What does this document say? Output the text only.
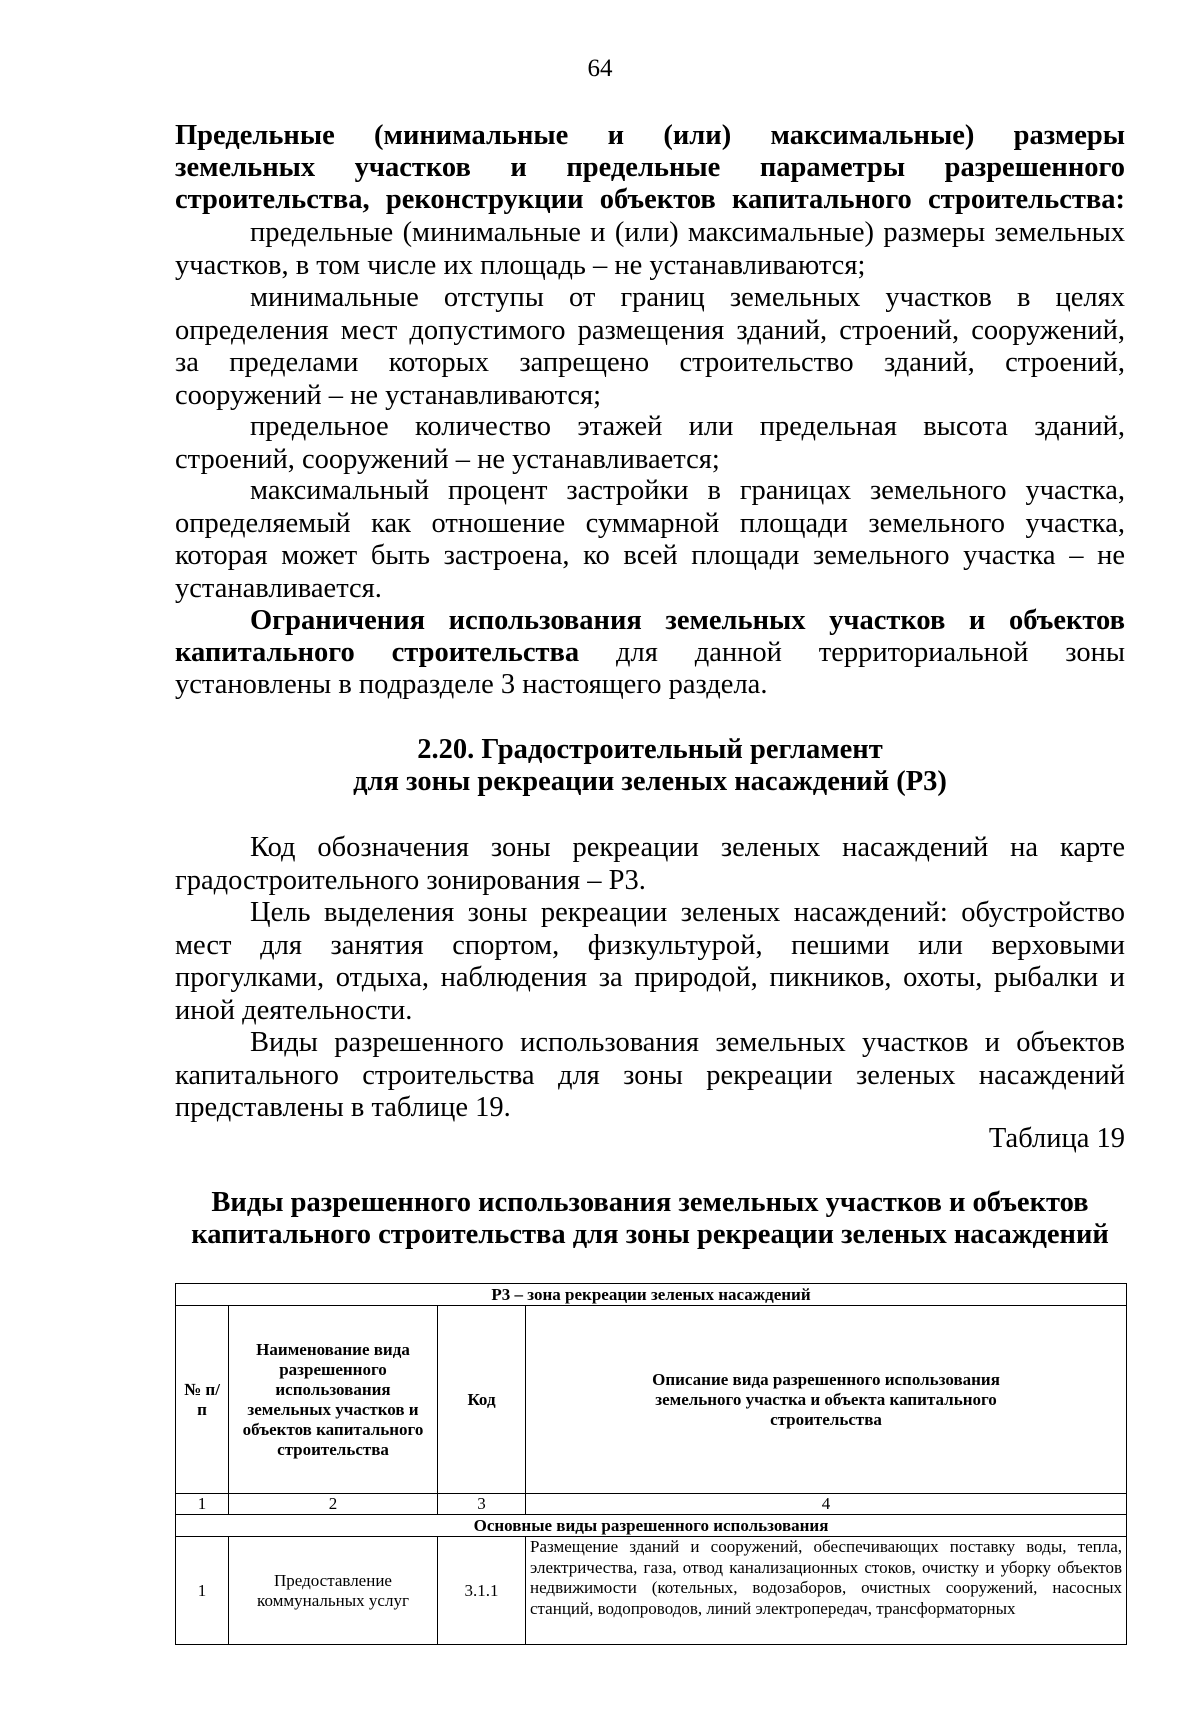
64
Предельные (минимальные и (или) максимальные) размеры
земельных участков и предельные параметры разрешенного
строительства, реконструкции объектов капитального строительства:
предельные (минимальные и (или) максимальные) размеры земельных участков, в том числе их площадь – не устанавливаются;
минимальные отступы от границ земельных участков в целях определения мест допустимого размещения зданий, строений, сооружений, за пределами которых запрещено строительство зданий, строений, сооружений – не устанавливаются;
предельное количество этажей или предельная высота зданий, строений, сооружений – не устанавливается;
максимальный процент застройки в границах земельного участка, определяемый как отношение суммарной площади земельного участка, которая может быть застроена, ко всей площади земельного участка – не устанавливается.
Ограничения использования земельных участков и объектов
капитального строительства для данной территориальной зоны
установлены в подразделе 3 настоящего раздела.
2.20. Градостроительный регламент
для зоны рекреации зеленых насаждений (Р3)
Код обозначения зоны рекреации зеленых насаждений на карте градостроительного зонирования – Р3.
Цель выделения зоны рекреации зеленых насаждений: обустройство мест для занятия спортом, физкультурой, пешими или верховыми прогулками, отдыха, наблюдения за природой, пикников, охоты, рыбалки и иной деятельности.
Виды разрешенного использования земельных участков и объектов капитального строительства для зоны рекреации зеленых насаждений представлены в таблице 19.
Таблица 19
Виды разрешенного использования земельных участков и объектов
капитального строительства для зоны рекреации зеленых насаждений
Р3 – зона рекреации зеленых насаждений			
№ п/п	Наименование вида разрешенного использования земельных участков и объектов капитального строительства	Код	Описание вида разрешенного использования земельного участка и объекта капитального строительства
1	2	3	4
Основные виды разрешенного использования			
1	Предоставление коммунальных услуг	3.1.1	Размещение зданий и сооружений, обеспечивающих поставку воды, тепла, электричества, газа, отвод канализационных стоков, очистку и уборку объектов недвижимости (котельных, водозаборов, очистных сооружений, насосных станций, водопроводов, линий электропередач, трансформаторных
